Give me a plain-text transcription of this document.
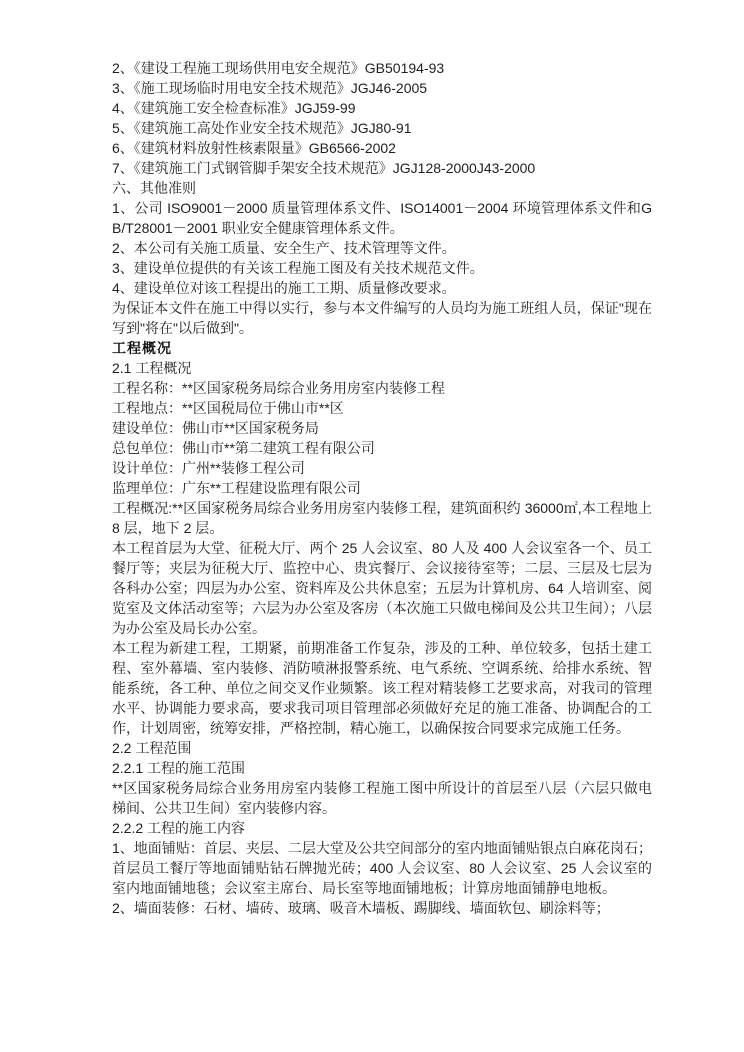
2、《建设工程施工现场供用电安全规范》GB50194-93

3、《施工现场临时用电安全技术规范》JGJ46-2005

4、《建筑施工安全检查标准》JGJ59-99

5、《建筑施工高处作业安全技术规范》JGJ80-91

6、《建筑材料放射性核素限量》GB6566-2002

7、《建筑施工门式钢管脚手架安全技术规范》JGJ128-2000J43-2000

六、其他准则

1、公司 ISO9001－2000 质量管理体系文件、ISO14001－2004 环境管理体系文件和GB/T28001－2001 职业安全健康管理体系文件。

2、本公司有关施工质量、安全生产、技术管理等文件。

3、建设单位提供的有关该工程施工图及有关技术规范文件。

4、建设单位对该工程提出的施工工期、质量修改要求。

为保证本文件在施工中得以实行，参与本文件编写的人员均为施工班组人员，保证"现在写到"将在"以后做到"。

工程概况

2.1 工程概况

工程名称：**区国家税务局综合业务用房室内装修工程

工程地点：**区国税局位于佛山市**区

建设单位：佛山市**区国家税务局

总包单位：佛山市**第二建筑工程有限公司

设计单位：广州**装修工程公司

监理单位：广东**工程建设监理有限公司

工程概况:**区国家税务局综合业务用房室内装修工程，建筑面积约 36000㎡,本工程地上 8 层，地下 2 层。

本工程首层为大堂、征税大厅、两个 25 人会议室、80 人及 400 人会议室各一个、员工餐厅等；夹层为征税大厅、监控中心、贵宾餐厅、会议接待室等；二层、三层及七层为各科办公室；四层为办公室、资料库及公共休息室；五层为计算机房、64 人培训室、阅览室及文体活动室等；六层为办公室及客房（本次施工只做电梯间及公共卫生间）；八层为办公室及局长办公室。

本工程为新建工程，工期紧，前期准备工作复杂，涉及的工种、单位较多，包括土建工程、室外幕墙、室内装修、消防喷淋报警系统、电气系统、空调系统、给排水系统、智能系统，各工种、单位之间交叉作业频繁。该工程对精装修工艺要求高，对我司的管理水平、协调能力要求高，要求我司项目管理部必须做好充足的施工准备、协调配合的工作，计划周密，统筹安排，严格控制，精心施工，以确保按合同要求完成施工任务。

2.2 工程范围

2.2.1 工程的施工范围

**区国家税务局综合业务用房室内装修工程施工图中所设计的首层至八层（六层只做电梯间、公共卫生间）室内装修内容。

2.2.2 工程的施工内容

1、地面铺贴：首层、夹层、二层大堂及公共空间部分的室内地面铺贴银点白麻花岗石；首层员工餐厅等地面铺贴钻石牌抛光砖；400 人会议室、80 人会议室、25 人会议室的室内地面铺地毯；会议室主席台、局长室等地面铺地板；计算房地面铺静电地板。

2、墙面装修：石材、墙砖、玻璃、吸音木墙板、踢脚线、墙面软包、刷涂料等；
